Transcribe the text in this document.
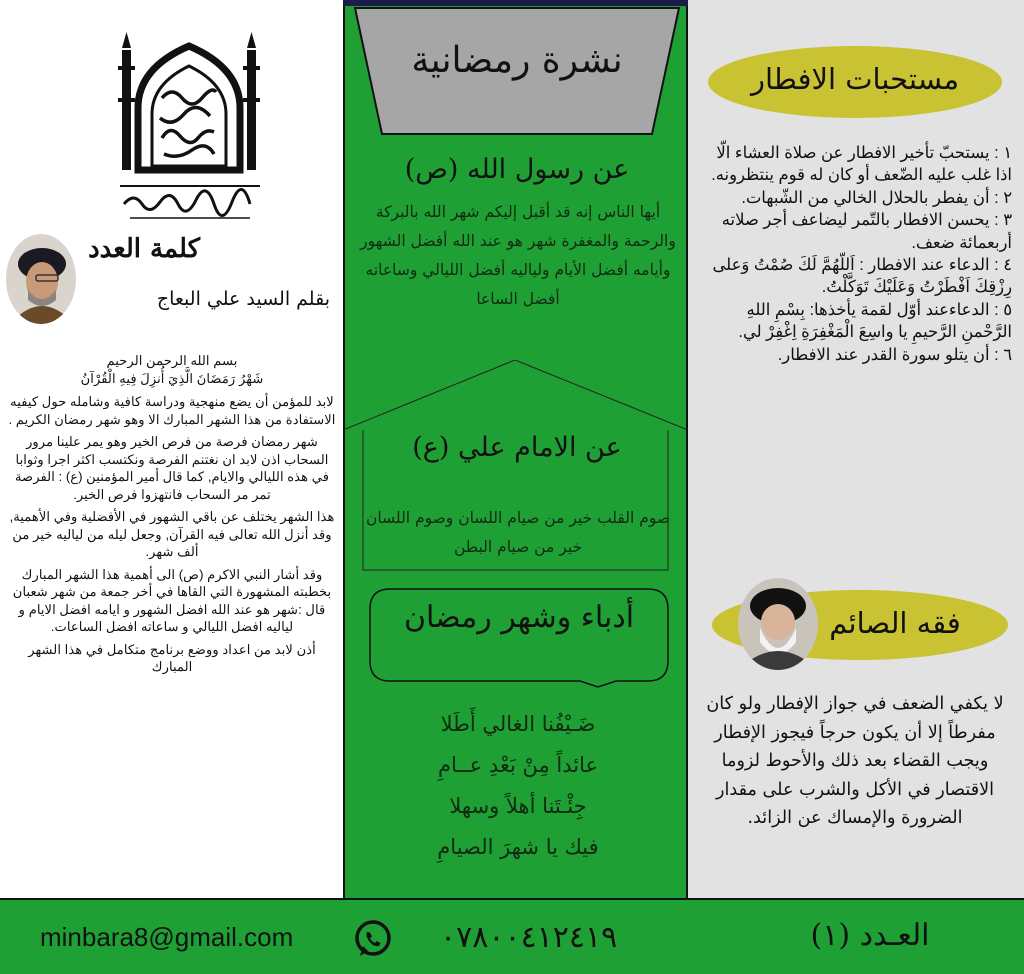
كلمة العدد
بقلم السيد علي البعاج

بسم الله الرحمن الرحيم

شَهْرُ رَمَضَانَ الَّذِيَ أُنزِلَ فِيهِ الْقُرْآنُ

لابد للمؤمن أن يضع منهجية ودراسة كافية وشامله حول كيفيه الاستفادة من هذا الشهر المبارك الا وهو شهر رمضان الكريم .

شهر رمضان فرصة من فرص الخير وهو يمر علينا مرور السحاب اذن لابد ان نغتنم الفرصة ونكتسب اكثر اجرا وثوابا في هذه الليالي والايام, كما قال أمير المؤمنين (ع) : الفرصة تمر مر السحاب فانتهزوا فرص الخير.

هذا الشهر يختلف عن باقي الشهور في الأفضلية وفي الأهمية, وقد أنزل الله تعالى فيه القرآن, وجعل ليله من لياليه خير من ألف شهر.

وقد أشار النبي الاكرم (ص) الى أهمية هذا الشهر المبارك بخطبته المشهورة التي القاها في أخر جمعة من شهر شعبان قال :شهر هو عند الله افضل الشهور و ايامه افضل الايام و لياليه افضل الليالي و ساعاته افضل الساعات.

أذن لابد من اعداد ووضع برنامج متكامل في هذا الشهر المبارك

نشرة رمضانية
عن رسول الله (ص)
أيها الناس إنه قد أقبل إليكم شهر الله بالبركة والرحمة والمغفرة شهر هو عند الله أفضل الشهور وأيامه أفضل الأيام ولياليه أفضل الليالي وساعاته أفضل الساعا
عن الامام علي (ع)
صوم القلب خير من صيام اللسان وصوم اللسان خير من صيام البطن
أدباء وشهر رمضان
ضَـيْفُنا الغالي أَطَلا
عائداً مِنْ بَعْدِ عــامِ
جِئْـتَنا أهلاً وسهلا
فيك يا شهرَ الصيامِ
مستحبات الافطار
١ : يستحبّ تأخير الافطار عن صلاة العشاء الّا اذا غلب عليه الضّعف أو كان له قوم ينتظرونه.
٢ : أن يفطر بالحلال الخالي من الشّبهات.
٣ : يحسن الافطار بالتّمر ليضاعف أجر صلاته أربعمائة ضعف.
٤ : الدعاء عند الافطار : اَللّهُمَّ لَكَ صُمْتُ وَعلى رِزْقِكَ اَفْطَرْتُ وَعَلَيْكَ تَوَكَّلْتُ.
٥ : الدعاءعند أوّل لقمة يأخذها: بِسْمِ اللهِ الرَّحْمنِ الرَّحيمِ يا واسِعَ الْمَغْفِرَةِ اِغْفِرْ لي.
٦ : أن يتلو سورة القدر عند الافطار.
فقه الصائم
لا يكفي الضعف في جواز الإفطار ولو كان مفرطاً إلا أن يكون حرجاً فيجوز الإفطار ويجب القضاء بعد ذلك والأحوط لزوما الاقتصار في الأكل والشرب على مقدار الضرورة والإمساك عن الزائد.
minbara8@gmail.com	٠٧٨٠٠٤١٢٤١٩	العـدد (١)
